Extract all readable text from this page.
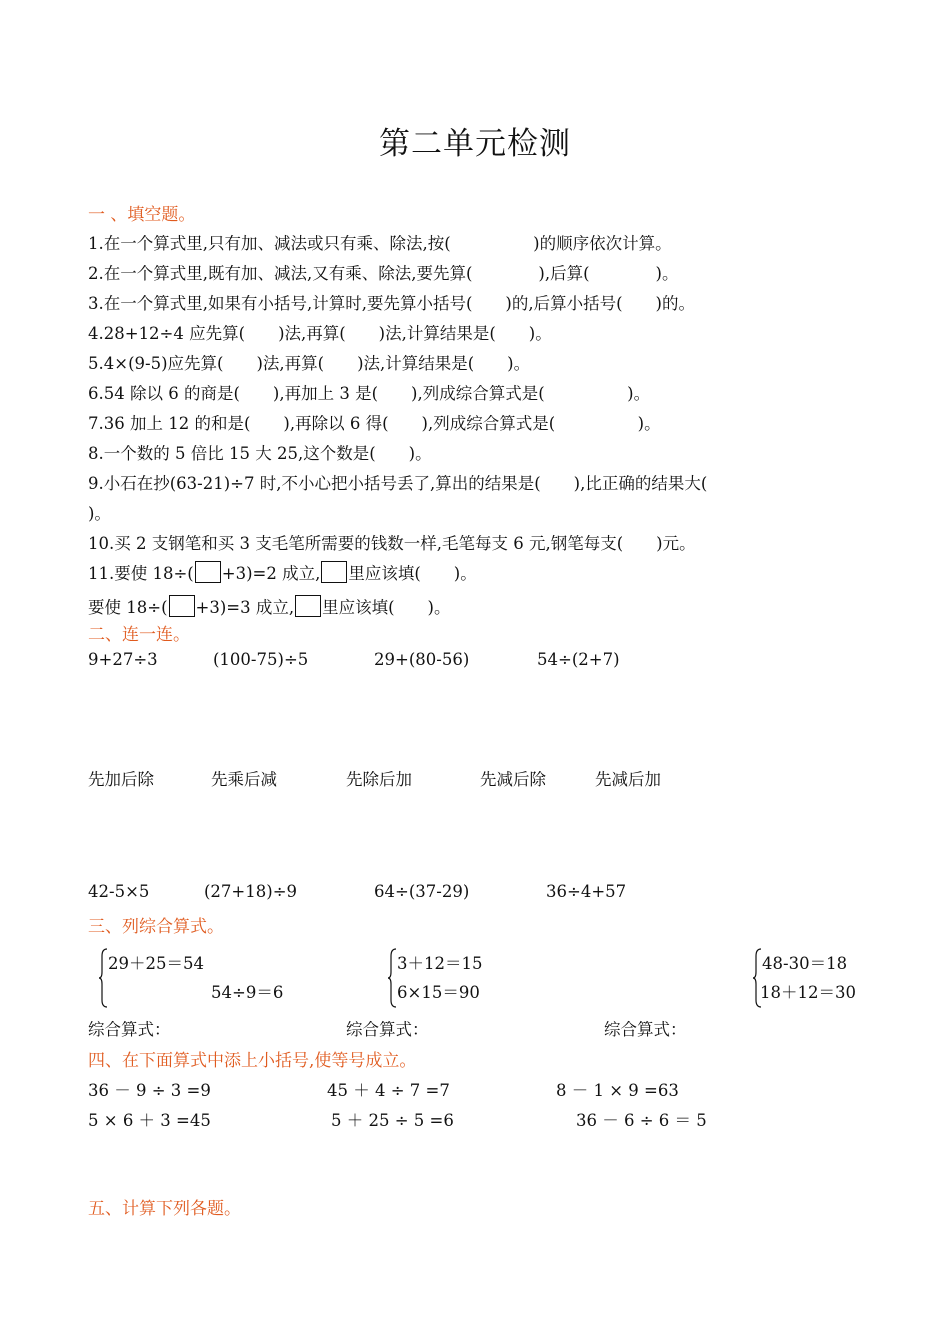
第二单元检测
一 、填空题。
1.在一个算式里,只有加、减法或只有乘、除法,按(　　　　　)的顺序依次计算。
2.在一个算式里,既有加、减法,又有乘、除法,要先算(　　　　),后算(　　　　)。
3.在一个算式里,如果有小括号,计算时,要先算小括号(　　)的,后算小括号(　　)的。
4.28+12÷4 应先算(　　)法,再算(　　)法,计算结果是(　　)。
5.4×(9-5)应先算(　　)法,再算(　　)法,计算结果是(　　)。
6.54 除以 6 的商是(　　),再加上 3 是(　　),列成综合算式是(　　　　　)。
7.36 加上 12 的和是(　　),再除以 6 得(　　),列成综合算式是(　　　　　)。
8.一个数的 5 倍比 15 大 25,这个数是(　　)。
9.小石在抄(63-21)÷7 时,不小心把小括号丢了,算出的结果是(　　),比正确的结果大(
)。
10.买 2 支钢笔和买 3 支毛笔所需要的钱数一样,毛笔每支 6 元,钢笔每支(　　)元。
11.要使 18÷( +3)=2 成立, 里应该填(　　)。
要使 18÷( +3)=3 成立, 里应该填(　　)。
二、连一连。
9+27÷3	(100-75)÷5	29+(80-56)	54÷(2+7)
先加后除	先乘后减	先除后加	先减后除	先减后加
42-5×5	(27+18)÷9	64÷(37-29)	36÷4+57
三、列综合算式。
29＋25＝54
54÷9＝6
3＋12＝15
6×15＝90
48-30＝18
18＋12＝30
综合算式：	综合算式：	综合算式：
四、在下面算式中添上小括号,使等号成立。
36 － 9 ÷ 3 =9	45 ＋ 4 ÷ 7 =7	8 － 1 × 9 =63
5 × 6 ＋ 3 =45	5 ＋ 25 ÷ 5 =6	36 － 6 ÷ 6 ＝ 5
五、计算下列各题。
